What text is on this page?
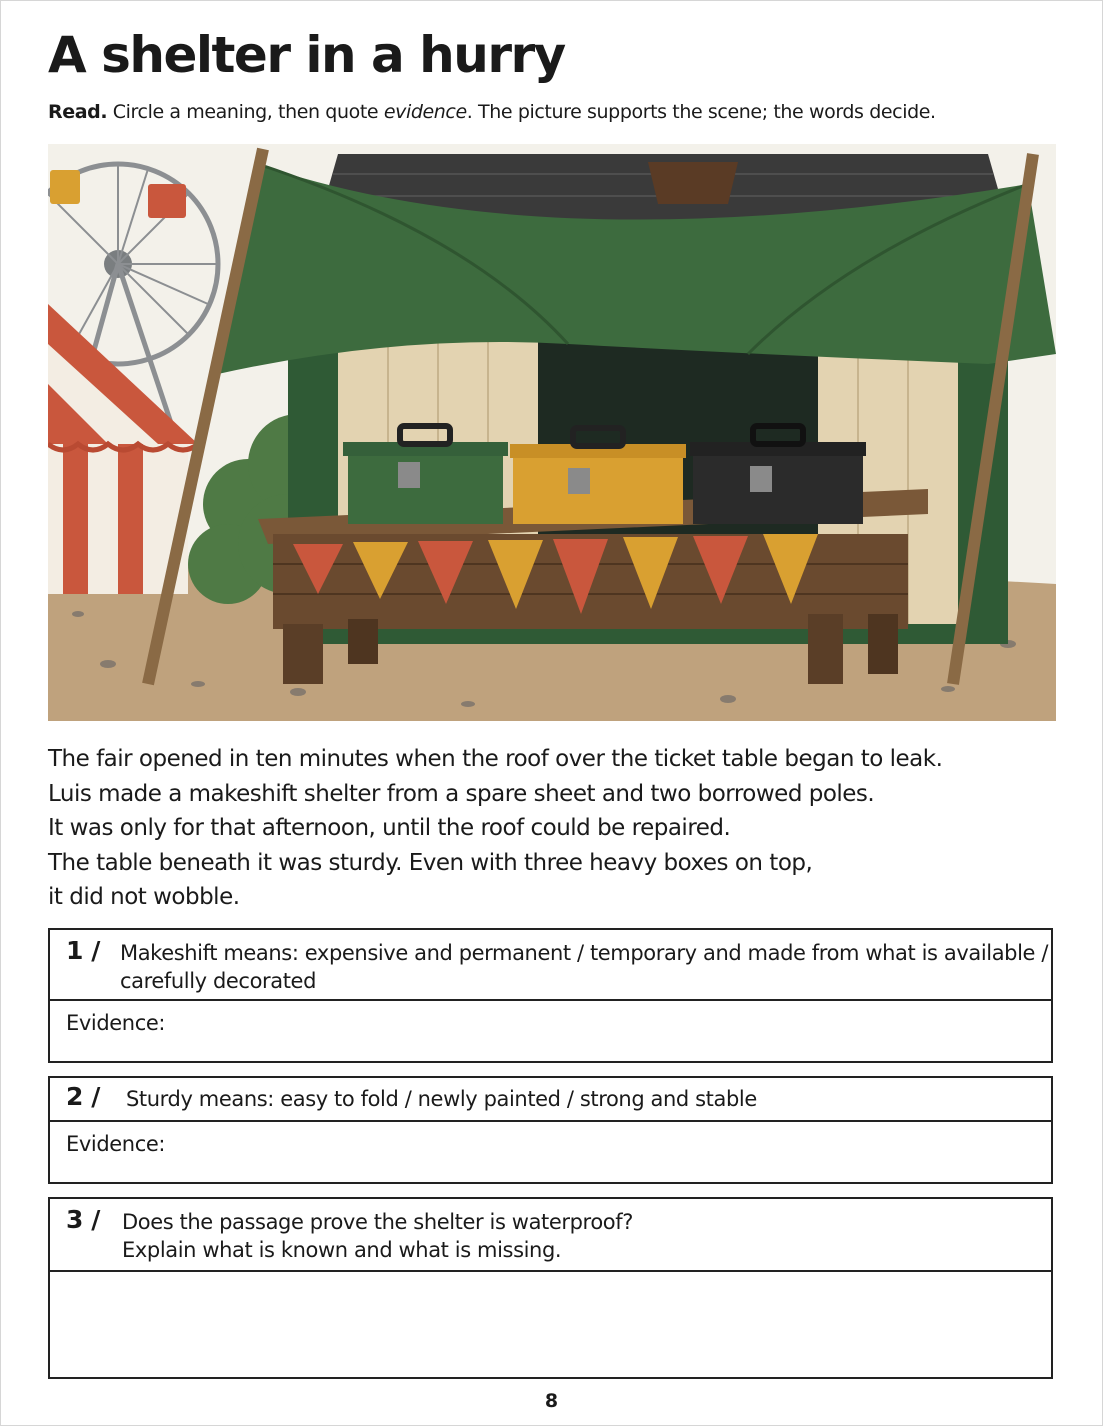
A shelter in a hurry

Read. Circle a meaning, then quote evidence. The picture supports the scene; the words decide.

The fair opened in ten minutes when the roof over the ticket table began to leak.

Luis made a makeshift shelter from a spare sheet and two borrowed poles.

It was only for that afternoon, until the roof could be repaired.

The table beneath it was sturdy. Even with three heavy boxes on top,

it did not wobble.

1 / Makeshift means: expensive and permanent / temporary and made from what is available /
carefully decorated
Evidence:
2 / Sturdy means: easy to fold / newly painted / strong and stable
Evidence:
3 / Does the passage prove the shelter is waterproof?
Explain what is known and what is missing.
8
